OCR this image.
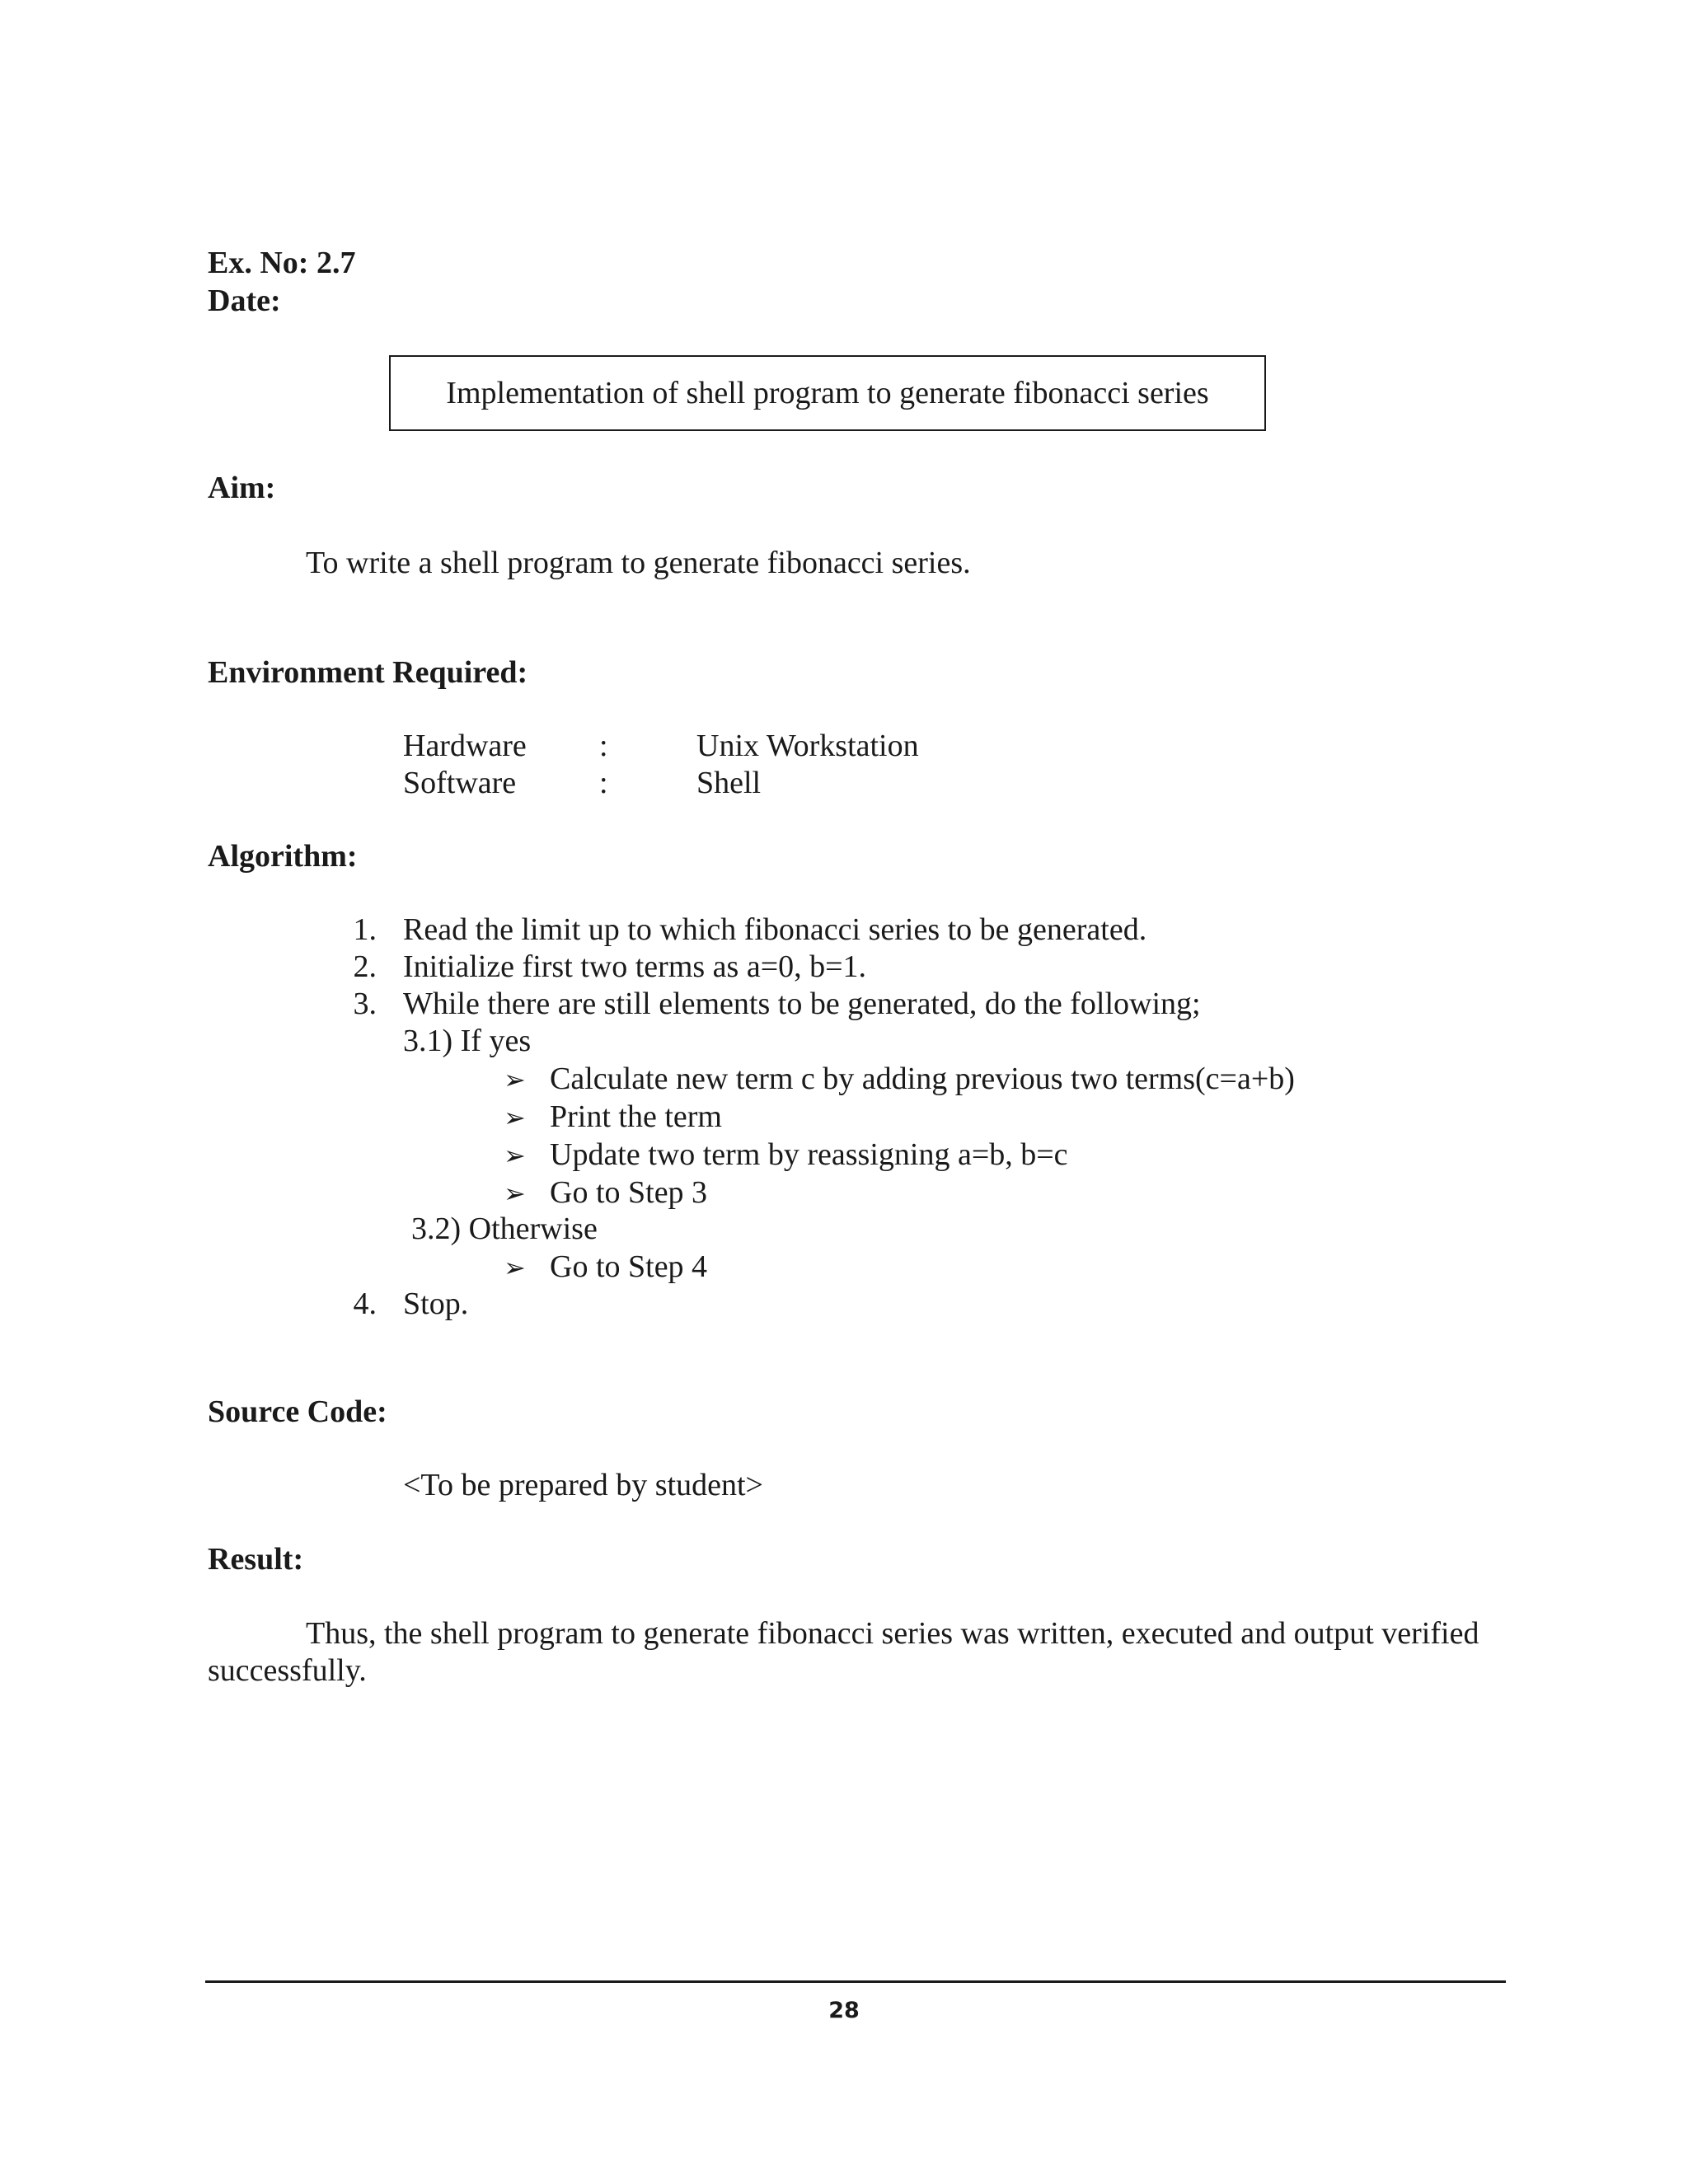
Ex. No: 2.7
Date:
Implementation of shell program to generate fibonacci series
Aim:
To write a shell program to generate fibonacci series.
Environment Required:
Hardware :	Unix Workstation
Software	:	Shell
Algorithm:
1. Read the limit up to which fibonacci series to be generated.
2. Initialize first two terms as a=0, b=1.
3. While there are still elements to be generated, do the following;
3.1) If yes
➢ Calculate new term c by adding previous two terms(c=a+b)
➢ Print the term
➢ Update two term by reassigning a=b, b=c
➢ Go to Step 3
3.2) Otherwise
➢ Go to Step 4
4. Stop.
Source Code:
<To be prepared by student>
Result:
Thus, the shell program to generate fibonacci series was written, executed and output verified
successfully.
28
